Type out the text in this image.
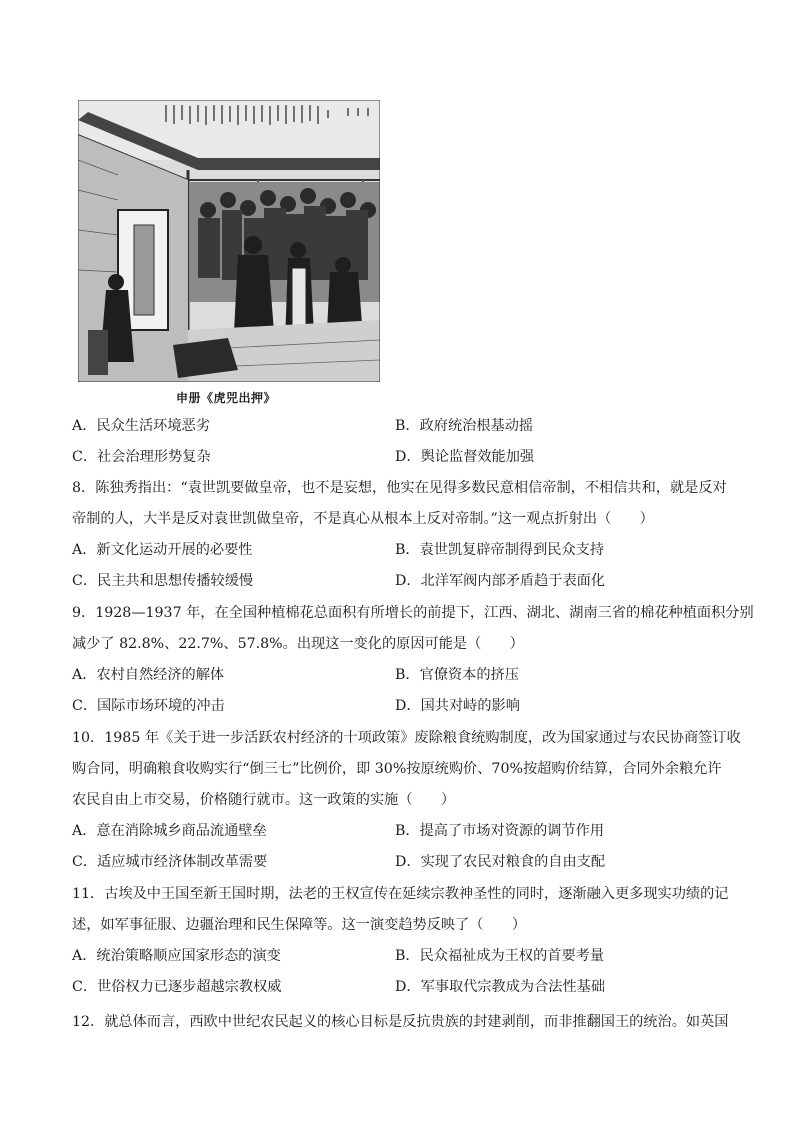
申册《虎兕出押》
A．民众生活环境恶劣	B．政府统治根基动摇
C．社会治理形势复杂	D．舆论监督效能加强
8．陈独秀指出：“袁世凯要做皇帝，也不是妄想，他实在见得多数民意相信帝制，不相信共和，就是反对
帝制的人，大半是反对袁世凯做皇帝，不是真心从根本上反对帝制。”这一观点折射出（　　）
A．新文化运动开展的必要性	B．袁世凯复辟帝制得到民众支持
C．民主共和思想传播较缓慢	D．北洋军阀内部矛盾趋于表面化
9．1928—1937 年，在全国种植棉花总面积有所增长的前提下，江西、湖北、湖南三省的棉花种植面积分别
减少了 82.8%、22.7%、57.8%。出现这一变化的原因可能是（　　）
A．农村自然经济的解体	B．官僚资本的挤压
C．国际市场环境的冲击	D．国共对峙的影响
10．1985 年《关于进一步活跃农村经济的十项政策》废除粮食统购制度，改为国家通过与农民协商签订收
购合同，明确粮食收购实行“倒三七”比例价，即 30%按原统购价、70%按超购价结算，合同外余粮允许
农民自由上市交易，价格随行就市。这一政策的实施（　　）
A．意在消除城乡商品流通壁垒	B．提高了市场对资源的调节作用
C．适应城市经济体制改革需要	D．实现了农民对粮食的自由支配
11．古埃及中王国至新王国时期，法老的王权宣传在延续宗教神圣性的同时，逐渐融入更多现实功绩的记
述，如军事征服、边疆治理和民生保障等。这一演变趋势反映了（　　）
A．统治策略顺应国家形态的演变	B．民众福祉成为王权的首要考量
C．世俗权力已逐步超越宗教权威	D．军事取代宗教成为合法性基础
12．就总体而言，西欧中世纪农民起义的核心目标是反抗贵族的封建剥削，而非推翻国王的统治。如英国
